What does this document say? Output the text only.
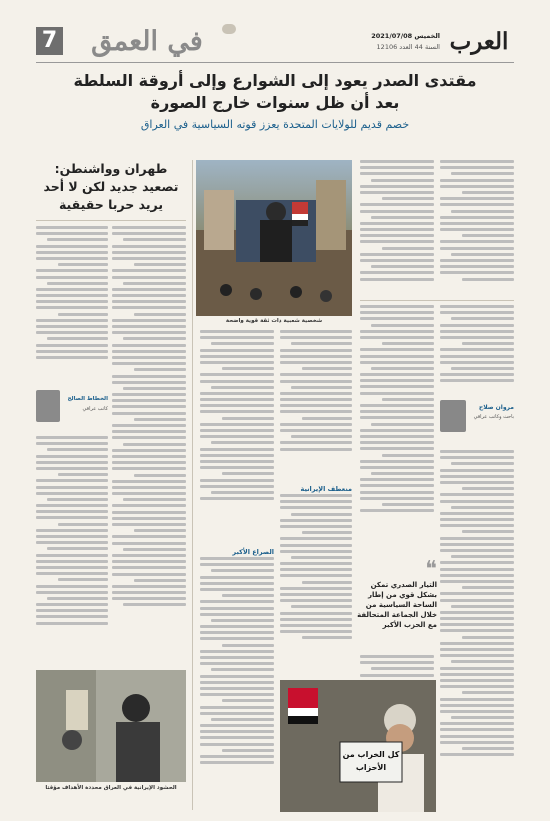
7	في العمق	العرب
الخميس 2021/07/08
السنة 44 العدد 12106
مقتدى الصدر يعود إلى الشوارع وإلى أروقة السلطة
بعد أن ظل سنوات خارج الصورة
خصم قديم للولايات المتحدة يعزز قوته السياسية في العراق
مروان صلاح
باحث وكاتب عراقي
❝
التيار الصدري تمكن بشكل قوي من إطار الساحة السياسية من خلال الجماعة المتحالفة مع الحزب الأكبر
شخصية شعبية ذات ثقة قوية واضحة
منعطف الإيرانية
الصراع الأكبر
كل الخراب من الأحزاب
طهران وواشنطن:
تصعيد جديد لكن لا أحد
يريد حربا حقيقية
الخطاط الصالح
كاتب عراقي
الحشود الإيرانية في العراق محددة الأهداف مؤقتا
